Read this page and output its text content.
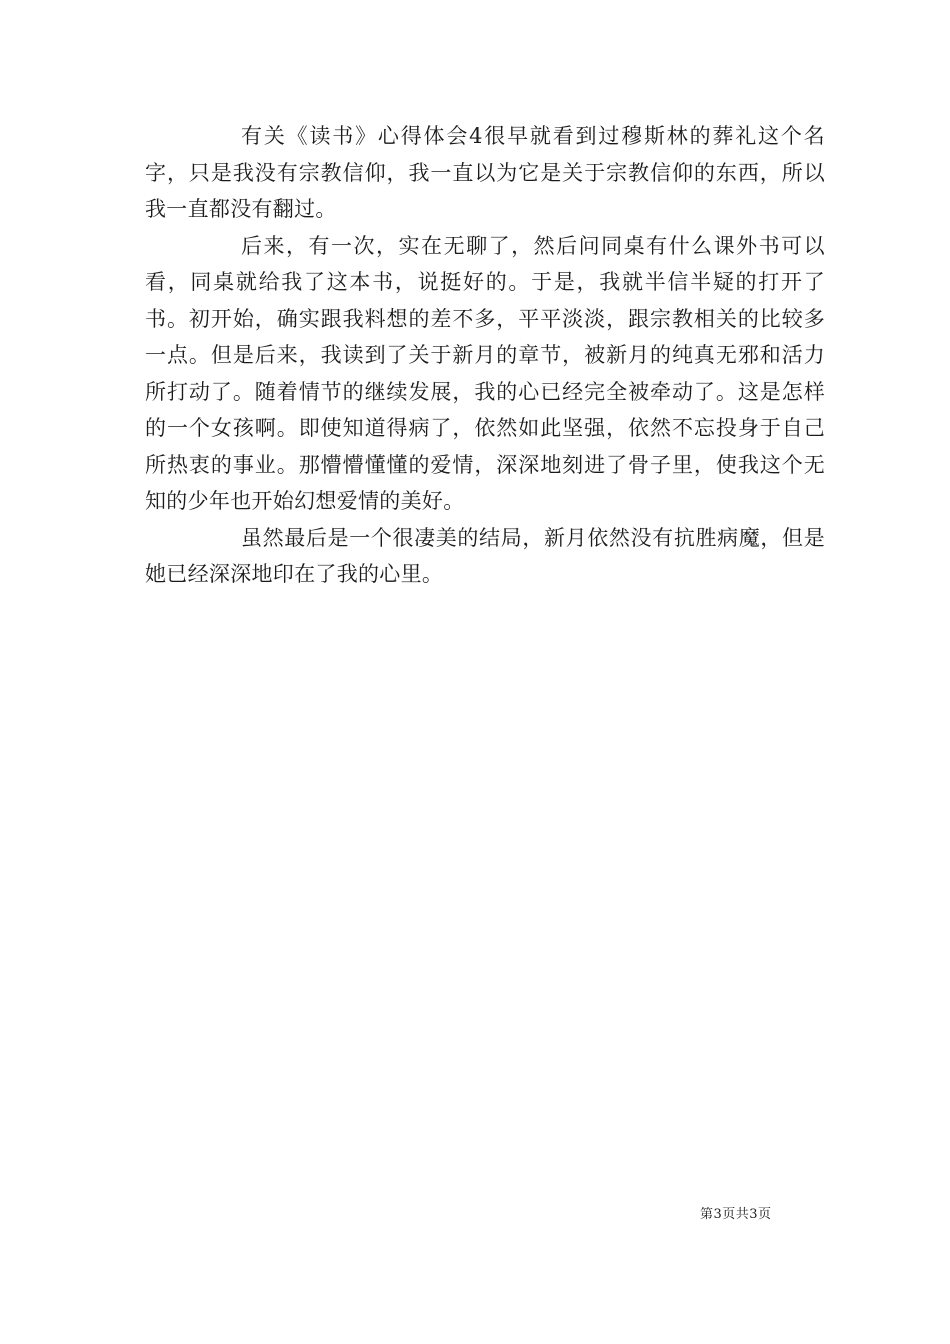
有关《读书》心得体会4很早就看到过穆斯林的葬礼这个名字，只是我没有宗教信仰，我一直以为它是关于宗教信仰的东西，所以我一直都没有翻过。

后来，有一次，实在无聊了，然后问同桌有什么课外书可以看，同桌就给我了这本书，说挺好的。于是，我就半信半疑的打开了书。初开始，确实跟我料想的差不多，平平淡淡，跟宗教相关的比较多一点。但是后来，我读到了关于新月的章节，被新月的纯真无邪和活力所打动了。随着情节的继续发展，我的心已经完全被牵动了。这是怎样的一个女孩啊。即使知道得病了，依然如此坚强，依然不忘投身于自己所热衷的事业。那懵懵懂懂的爱情，深深地刻进了骨子里，使我这个无知的少年也开始幻想爱情的美好。

虽然最后是一个很凄美的结局，新月依然没有抗胜病魔，但是她已经深深地印在了我的心里。

第3页共3页
